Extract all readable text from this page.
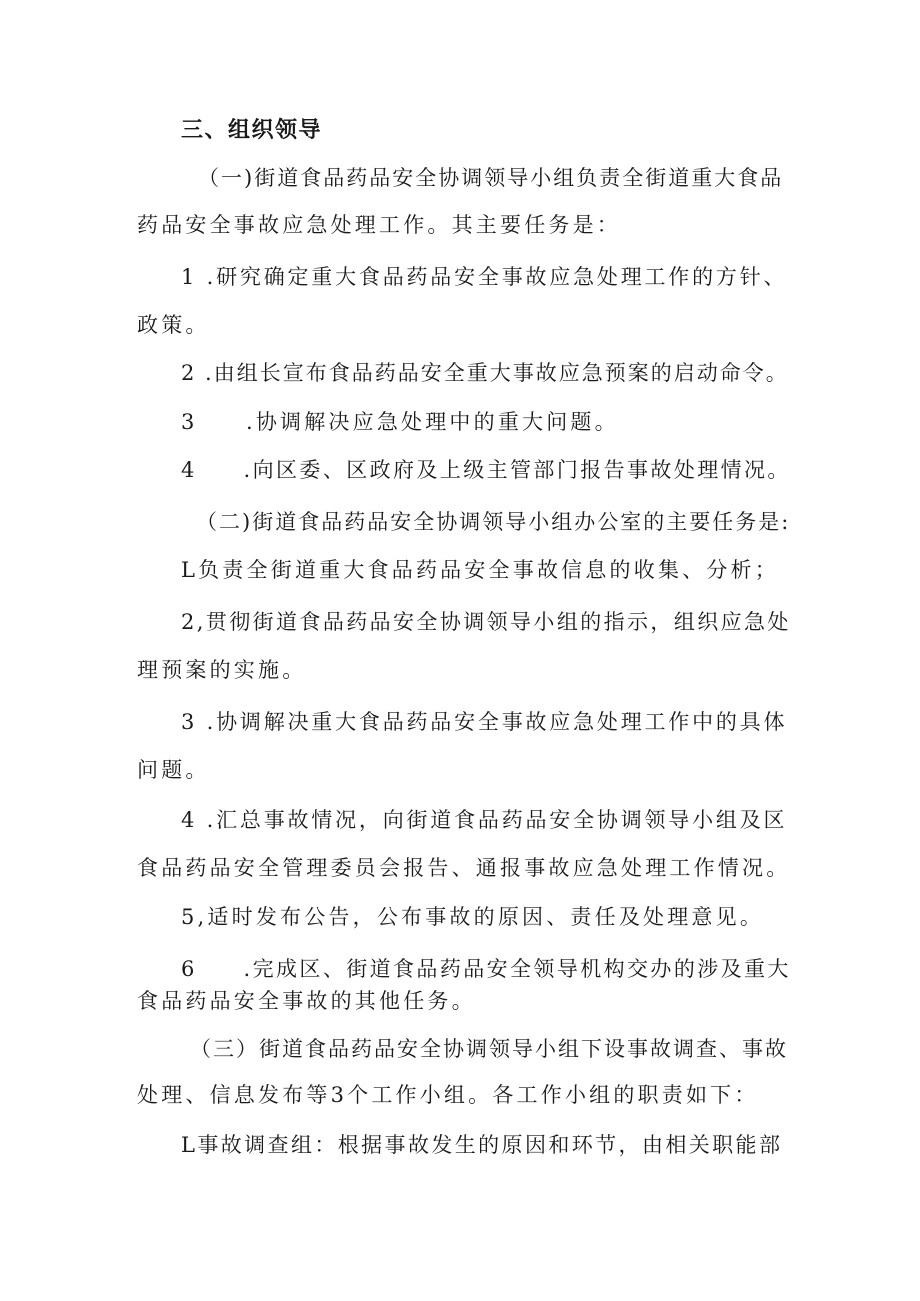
三、组织领导
（一)街道食品药品安全协调领导小组负责全街道重大食品
药品安全事故应急处理工作。其主要任务是：
1 .研究确定重大食品药品安全事故应急处理工作的方针、
政策。
2 .由组长宣布食品药品安全重大事故应急预案的启动命令。
3　　.协调解决应急处理中的重大问题。
4　　.向区委、区政府及上级主管部门报告事故处理情况。
（二)街道食品药品安全协调领导小组办公室的主要任务是:
L负责全街道重大食品药品安全事故信息的收集、分析；
2,贯彻街道食品药品安全协调领导小组的指示，组织应急处
理预案的实施。
3 .协调解决重大食品药品安全事故应急处理工作中的具体
问题。
4 .汇总事故情况，向街道食品药品安全协调领导小组及区
食品药品安全管理委员会报告、通报事故应急处理工作情况。
5,适时发布公告，公布事故的原因、责任及处理意见。
6　　.完成区、街道食品药品安全领导机构交办的涉及重大
食品药品安全事故的其他任务。
（三）街道食品药品安全协调领导小组下设事故调查、事故
处理、信息发布等3个工作小组。各工作小组的职责如下：
L事故调查组：根据事故发生的原因和环节，由相关职能部
